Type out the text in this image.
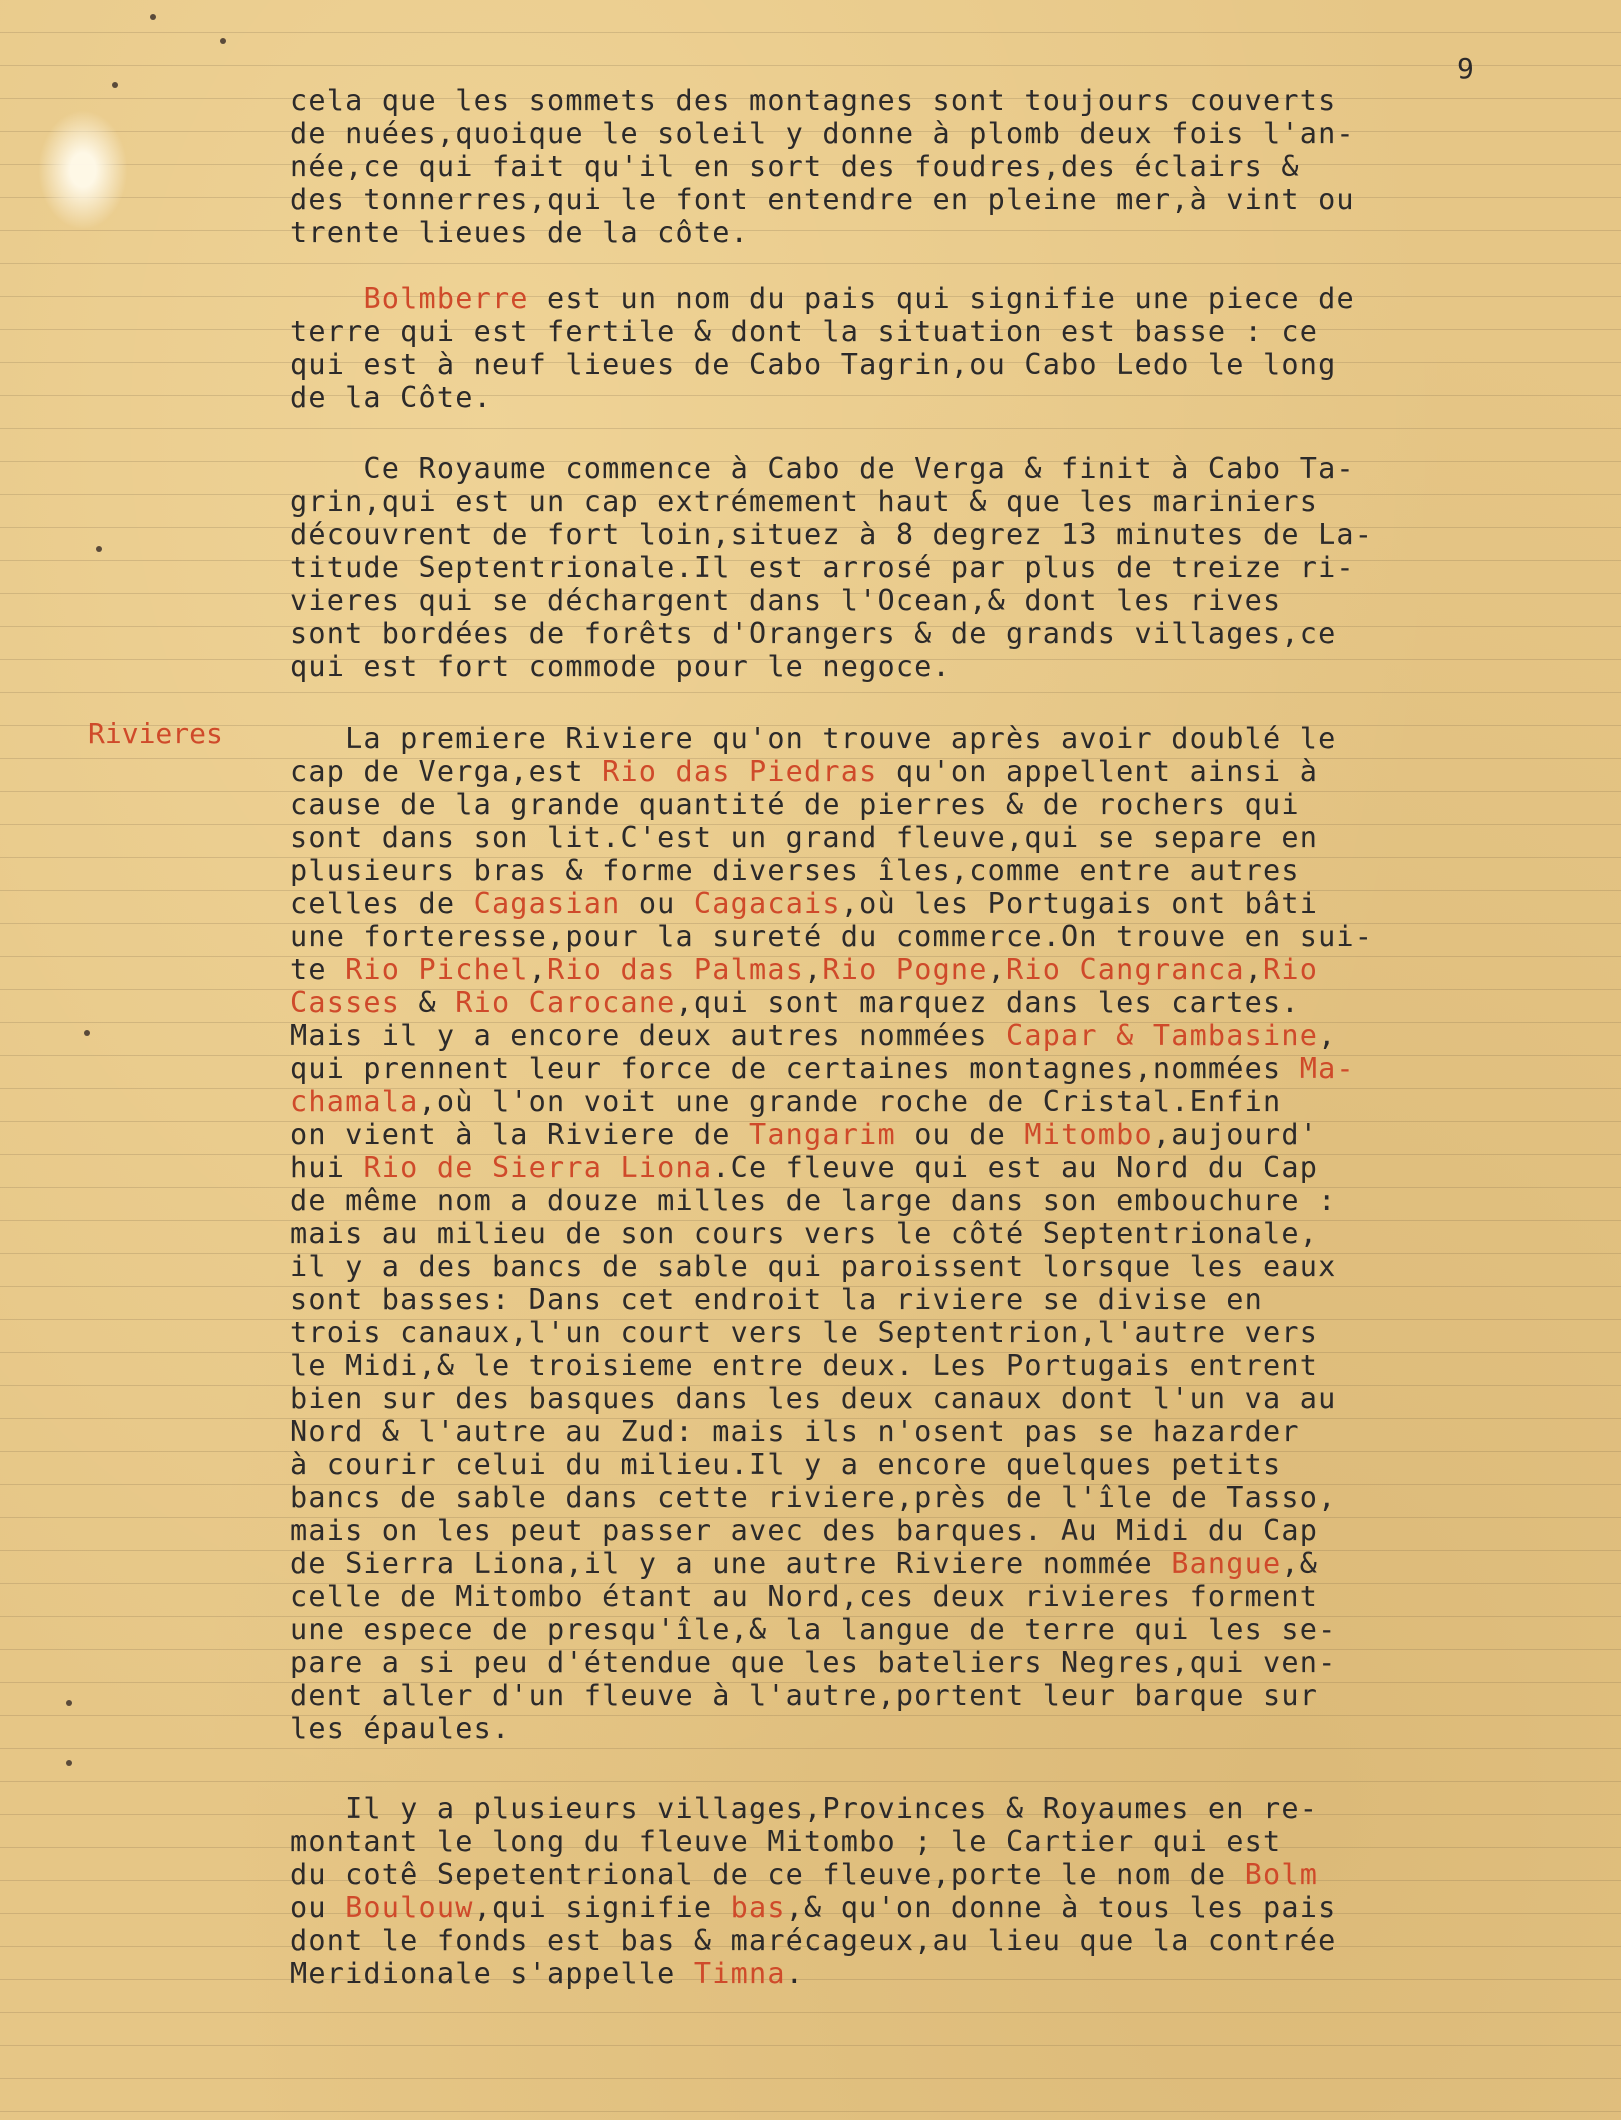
9
Rivieres
cela que les sommets des montagnes sont toujours couverts
de nuées,quoique le soleil y donne à plomb deux fois l'an-
née,ce qui fait qu'il en sort des foudres,des éclairs &
des tonnerres,qui le font entendre en pleine mer,à vint ou
trente lieues de la côte.
Bolmberre est un nom du pais qui signifie une piece de
terre qui est fertile & dont la situation est basse : ce
qui est à neuf lieues de Cabo Tagrin,ou Cabo Ledo le long
de la Côte.
Ce Royaume commence à Cabo de Verga & finit à Cabo Ta-
grin,qui est un cap extrémement haut & que les mariniers
découvrent de fort loin,situez à 8 degrez 13 minutes de La-
titude Septentrionale.Il est arrosé par plus de treize ri-
vieres qui se déchargent dans l'Ocean,& dont les rives
sont bordées de forêts d'Orangers & de grands villages,ce
qui est fort commode pour le negoce.
La premiere Riviere qu'on trouve après avoir doublé le
cap de Verga,est Rio das Piedras qu'on appellent ainsi à
cause de la grande quantité de pierres & de rochers qui
sont dans son lit.C'est un grand fleuve,qui se separe en
plusieurs bras & forme diverses îles,comme entre autres
celles de Cagasian ou Cagacais,où les Portugais ont bâti
une forteresse,pour la sureté du commerce.On trouve en sui-
te Rio Pichel,Rio das Palmas,Rio Pogne,Rio Cangranca,Rio
Casses & Rio Carocane,qui sont marquez dans les cartes.
Mais il y a encore deux autres nommées Capar & Tambasine,
qui prennent leur force de certaines montagnes,nommées Ma-
chamala,où l'on voit une grande roche de Cristal.Enfin
on vient à la Riviere de Tangarim ou de Mitombo,aujourd'
hui Rio de Sierra Liona.Ce fleuve qui est au Nord du Cap
de même nom a douze milles de large dans son embouchure :
mais au milieu de son cours vers le côté Septentrionale,
il y a des bancs de sable qui paroissent lorsque les eaux
sont basses: Dans cet endroit la riviere se divise en
trois canaux,l'un court vers le Septentrion,l'autre vers
le Midi,& le troisieme entre deux. Les Portugais entrent
bien sur des basques dans les deux canaux dont l'un va au
Nord & l'autre au Zud: mais ils n'osent pas se hazarder
à courir celui du milieu.Il y a encore quelques petits
bancs de sable dans cette riviere,près de l'île de Tasso,
mais on les peut passer avec des barques. Au Midi du Cap
de Sierra Liona,il y a une autre Riviere nommée Bangue,&
celle de Mitombo étant au Nord,ces deux rivieres forment
une espece de presqu'île,& la langue de terre qui les se-
pare a si peu d'étendue que les bateliers Negres,qui ven-
dent aller d'un fleuve à l'autre,portent leur barque sur
les épaules.
Il y a plusieurs villages,Provinces & Royaumes en re-
montant le long du fleuve Mitombo ; le Cartier qui est
du cotê Sepetentrional de ce fleuve,porte le nom de Bolm
ou Boulouw,qui signifie bas,& qu'on donne à tous les pais
dont le fonds est bas & marécageux,au lieu que la contrée
Meridionale s'appelle Timna.
